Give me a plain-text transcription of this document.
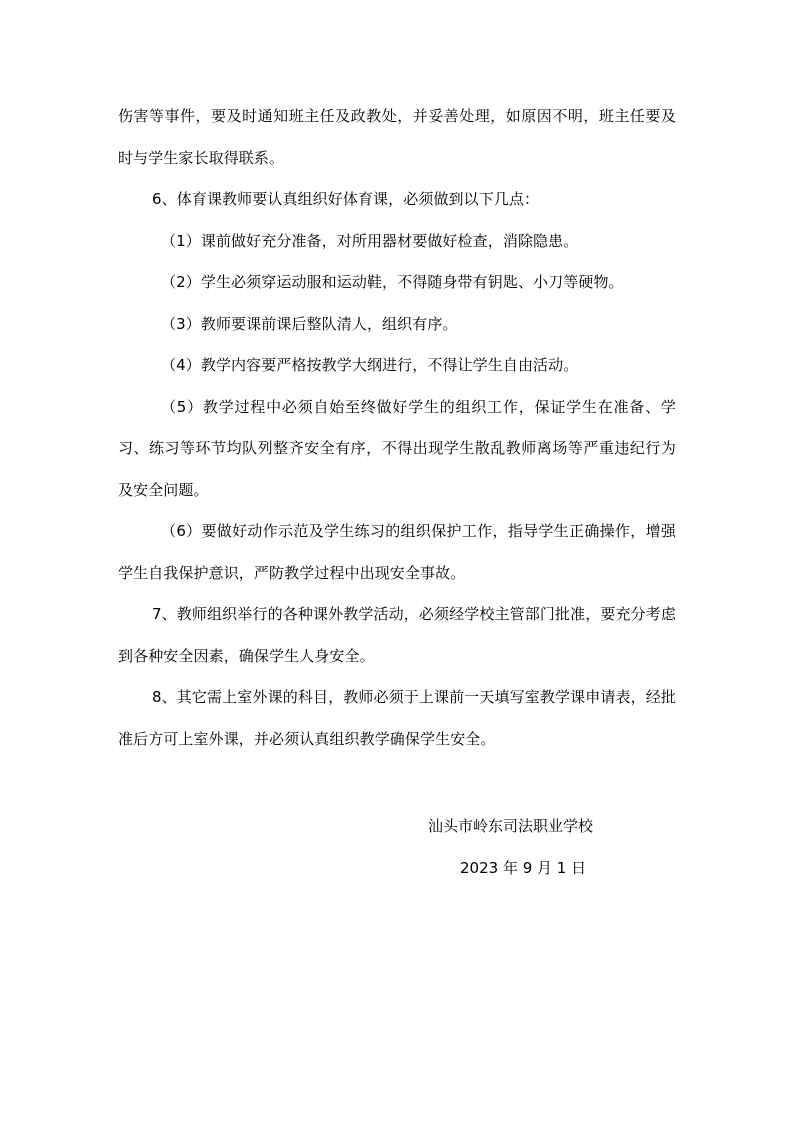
伤害等事件，要及时通知班主任及政教处，并妥善处理，如原因不明，班主任要及时与学生家长取得联系。

6、体育课教师要认真组织好体育课，必须做到以下几点：

（1）课前做好充分准备，对所用器材要做好检查，消除隐患。

（2）学生必须穿运动服和运动鞋，不得随身带有钥匙、小刀等硬物。

（3）教师要课前课后整队清人，组织有序。

（4）教学内容要严格按教学大纲进行，不得让学生自由活动。

（5）教学过程中必须自始至终做好学生的组织工作，保证学生在准备、学习、练习等环节均队列整齐安全有序，不得出现学生散乱教师离场等严重违纪行为及安全问题。

（6）要做好动作示范及学生练习的组织保护工作，指导学生正确操作，增强学生自我保护意识，严防教学过程中出现安全事故。

7、教师组织举行的各种课外教学活动，必须经学校主管部门批准，要充分考虑到各种安全因素，确保学生人身安全。

8、其它需上室外课的科目，教师必须于上课前一天填写室教学课申请表，经批准后方可上室外课，并必须认真组织教学确保学生安全。

汕头市岭东司法职业学校
2023 年 9 月 1 日
